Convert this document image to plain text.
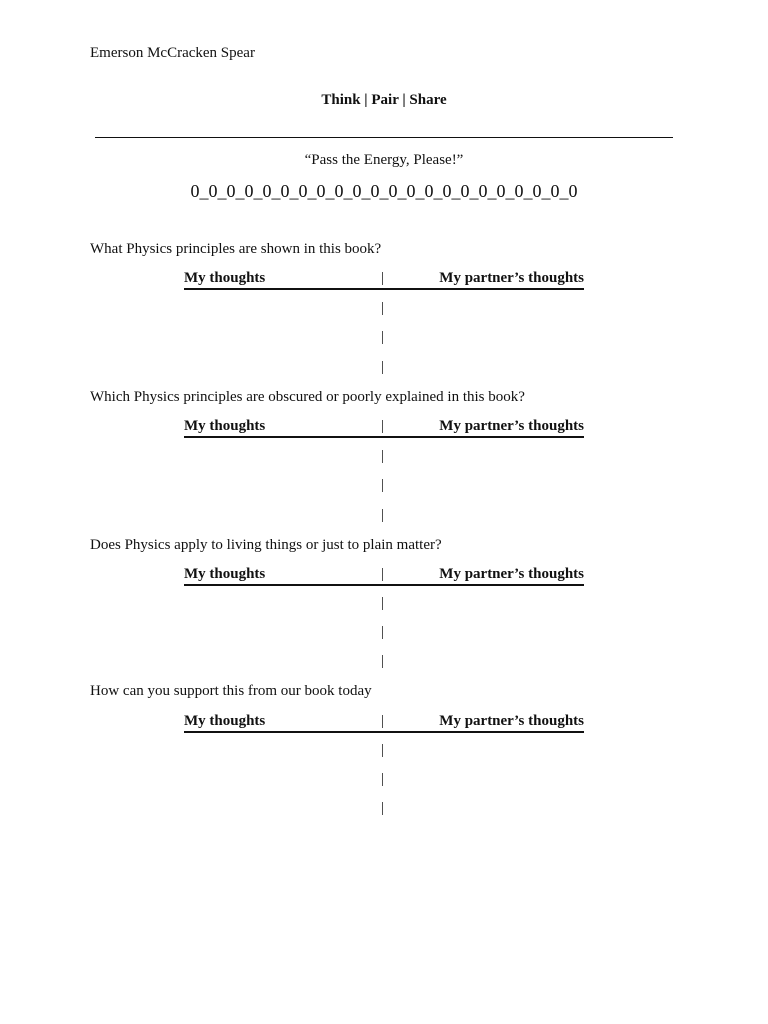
Emerson McCracken Spear
Think | Pair | Share
“Pass the Energy, Please!”
0_0_0_0_0_0_0_0_0_0_0_0_0_0_0_0_0_0_0_0_0_0
What Physics principles are shown in this book?
My thoughts	|	My partner’s thoughts
|
|
|
Which Physics principles are obscured or poorly explained in this book?
My thoughts	|	My partner’s thoughts
|
|
|
Does Physics apply to living things or just to plain matter?
My thoughts	|	My partner’s thoughts
|
|
|
How can you support this from our book today
My thoughts	|	My partner’s thoughts
|
|
|
